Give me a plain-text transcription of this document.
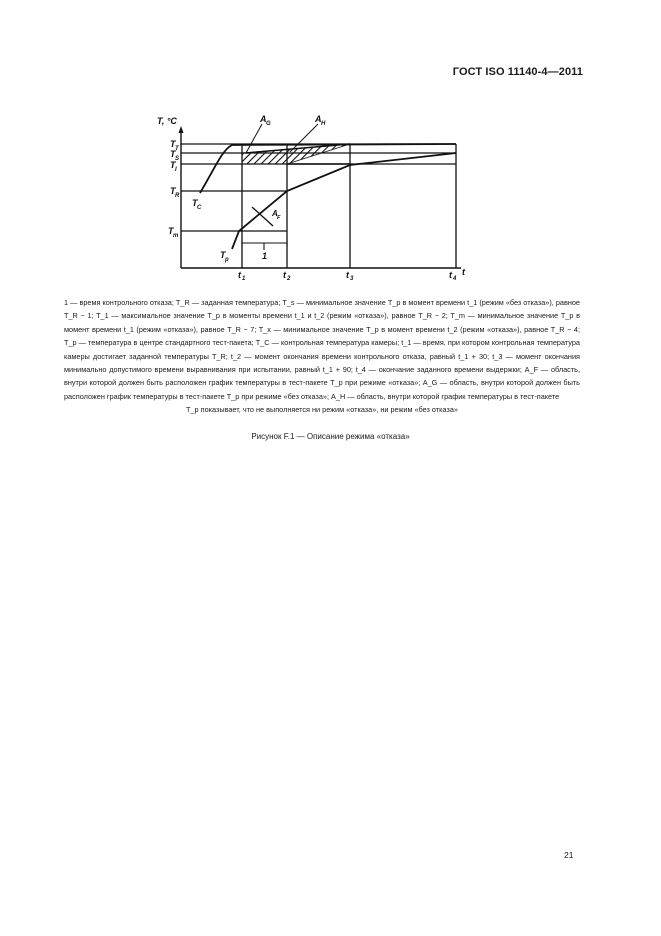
ГОСТ ISO 11140-4—2011
T, °C
t
T T
T S
T I
T R
T m
t 1	t 2	t 3	t 4
A G	A H
A F
T C
T p	1
1 — время контрольного отказа; T_R — заданная температура; T_s — минимальное значение T_p в момент времени t_1 (режим «без отказа»), равное T_R − 1; T_1 — максимальное значение T_p в моменты времени t_1 и t_2 (режим «отказа»), равное T_R − 2; T_m — минимальное значение T_p в момент времени t_1 (режим «отказа»), равное T_R − 7; T_x — минимальное значение T_p в момент времени t_2 (режим «отказа»), равное T_R − 4; T_p — температура в центре стандартного тест-пакета; T_C — контрольная температура камеры; t_1 — время, при котором контрольная температура камеры достигает заданной температуры T_R; t_2 — момент окончания времени контрольного отказа, равный t_1 + 30; t_3 — момент окончания минимально допустимого времени выравнивания при испытании, равный t_1 + 90; t_4 — окончание заданного времени выдержки; A_F — область, внутри которой должен быть расположен график температуры в тест-пакете T_p при режиме «отказа»; A_G — область, внутри которой должен быть расположен график температуры в тест-пакете T_p при режиме «без отказа»; A_H — область, внутри которой график температуры в тест-пакете
T_p показывает, что не выполняется ни режим «отказа», ни режим «без отказа»
Рисунок F.1 — Описание режима «отказа»
21
